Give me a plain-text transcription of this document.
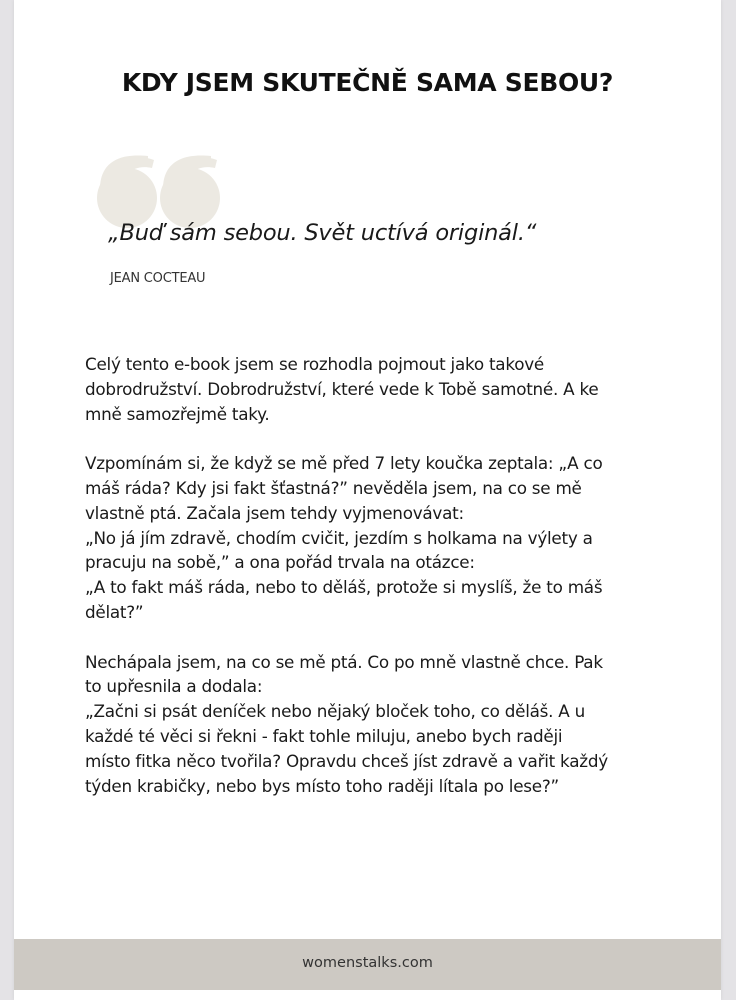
KDY JSEM SKUTEČNĚ SAMA SEBOU?
„Buď sám sebou. Svět uctívá originál.“
JEAN COCTEAU

Celý tento e-book jsem se rozhodla pojmout jako takové
dobrodružství. Dobrodružství, které vede k Tobě samotné. A ke
mně samozřejmě taky.

Vzpomínám si, že když se mě před 7 lety koučka zeptala: „A co
máš ráda? Kdy jsi fakt šťastná?” nevěděla jsem, na co se mě
vlastně ptá. Začala jsem tehdy vyjmenovávat:
„No já jím zdravě, chodím cvičit, jezdím s holkama na výlety a
pracuju na sobě,” a ona pořád trvala na otázce:
„A to fakt máš ráda, nebo to děláš, protože si myslíš, že to máš
dělat?”

Nechápala jsem, na co se mě ptá. Co po mně vlastně chce. Pak
to upřesnila a dodala:
„Začni si psát deníček nebo nějaký bloček toho, co děláš. A u
každé té věci si řekni - fakt tohle miluju, anebo bych raději
místo fitka něco tvořila? Opravdu chceš jíst zdravě a vařit každý
týden krabičky, nebo bys místo toho raději lítala po lese?”

womenstalks.com
